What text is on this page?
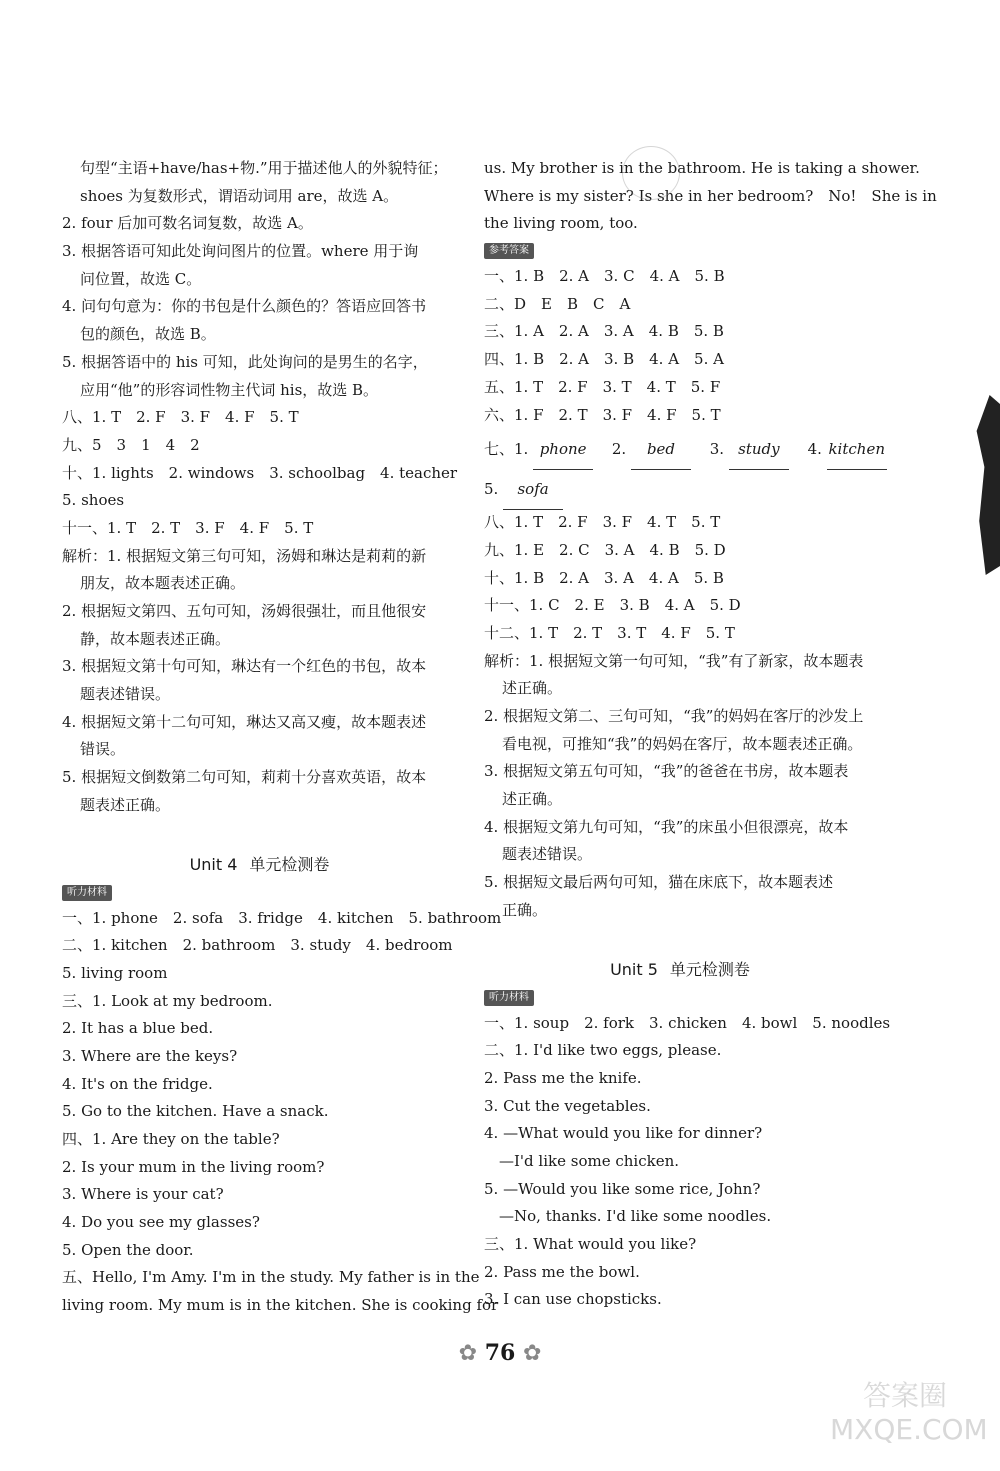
句型“主语+have/has+物.”用于描述他人的外貌特征；
shoes 为复数形式，谓语动词用 are，故选 A。
2. four 后加可数名词复数，故选 A。
3. 根据答语可知此处询问图片的位置。where 用于询
问位置，故选 C。
4. 问句句意为：你的书包是什么颜色的？答语应回答书
包的颜色，故选 B。
5. 根据答语中的 his 可知，此处询问的是男生的名字，
应用“他”的形容词性物主代词 his，故选 B。
八、1. T　2. F　3. F　4. F　5. T
九、5　3　1　4　2
十、1. lights　2. windows　3. schoolbag　4. teacher
5. shoes
十一、1. T　2. T　3. F　4. F　5. T
解析：1. 根据短文第三句可知，汤姆和琳达是莉莉的新
朋友，故本题表述正确。
2. 根据短文第四、五句可知，汤姆很强壮，而且他很安
静，故本题表述正确。
3. 根据短文第十句可知，琳达有一个红色的书包，故本
题表述错误。
4. 根据短文第十二句可知，琳达又高又瘦，故本题表述
错误。
5. 根据短文倒数第二句可知，莉莉十分喜欢英语，故本
题表述正确。
Unit 4 单元检测卷
听力材料
一、1. phone　2. sofa　3. fridge　4. kitchen　5. bathroom
二、1. kitchen　2. bathroom　3. study　4. bedroom
5. living room
三、1. Look at my bedroom.
2. It has a blue bed.
3. Where are the keys?
4. It's on the fridge.
5. Go to the kitchen. Have a snack.
四、1. Are they on the table?
2. Is your mum in the living room?
3. Where is your cat?
4. Do you see my glasses?
5. Open the door.
五、Hello, I'm Amy. I'm in the study. My father is in the
living room. My mum is in the kitchen. She is cooking for
us. My brother is in the bathroom. He is taking a shower.
Where is my sister? Is she in her bedroom?　No!　She is in
the living room, too.
参考答案
一、1. B　2. A　3. C　4. A　5. B
二、D　E　B　C　A
三、1. A　2. A　3. A　4. B　5. B
四、1. B　2. A　3. B　4. A　5. A
五、1. T　2. F　3. T　4. T　5. F
六、1. F　2. T　3. F　4. F　5. T
七、1. phone 2. bed 3. study 4. kitchen
5. sofa
八、1. T　2. F　3. F　4. T　5. T
九、1. E　2. C　3. A　4. B　5. D
十、1. B　2. A　3. A　4. A　5. B
十一、1. C　2. E　3. B　4. A　5. D
十二、1. T　2. T　3. T　4. F　5. T
解析：1. 根据短文第一句可知，“我”有了新家，故本题表
述正确。
2. 根据短文第二、三句可知，“我”的妈妈在客厅的沙发上
看电视，可推知“我”的妈妈在客厅，故本题表述正确。
3. 根据短文第五句可知，“我”的爸爸在书房，故本题表
述正确。
4. 根据短文第九句可知，“我”的床虽小但很漂亮，故本
题表述错误。
5. 根据短文最后两句可知，猫在床底下，故本题表述
正确。
Unit 5 单元检测卷
听力材料
一、1. soup　2. fork　3. chicken　4. bowl　5. noodles
二、1. I'd like two eggs, please.
2. Pass me the knife.
3. Cut the vegetables.
4. —What would you like for dinner?
　—I'd like some chicken.
5. —Would you like some rice, John?
　—No, thanks. I'd like some noodles.
三、1. What would you like?
2. Pass me the bowl.
3. I can use chopsticks.
✿ 76 ✿
答案圈 MXQE.COM
